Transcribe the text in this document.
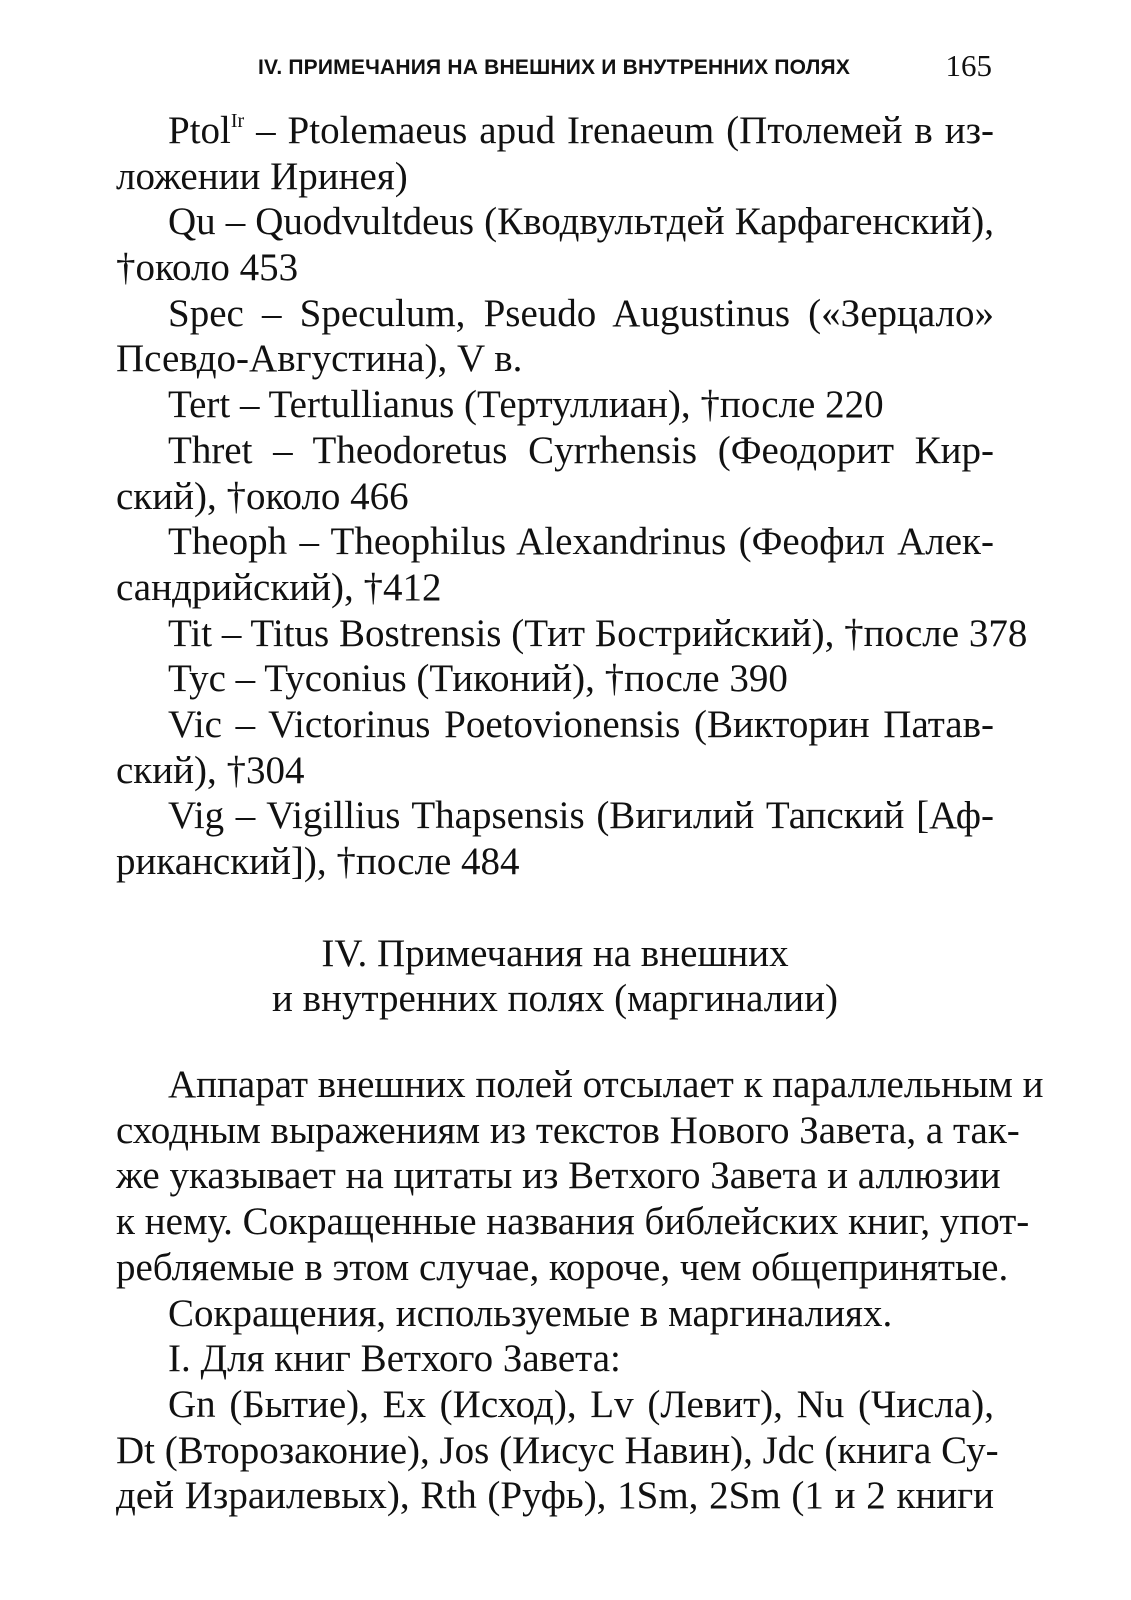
IV. ПРИМЕЧАНИЯ НА ВНЕШНИХ И ВНУТРЕННИХ ПОЛЯХ	165
Ptol$^{Ir}$ – Ptolemaeus apud Irenaeum (Птолемей в из-
ложении Иринея)
Qu – Quodvultdeus (Кводвультдей Карфагенский),
†около 453
Spec – Speculum, Pseudo Augustinus («Зерцало»
Псевдо-Августина), V в.
Tert – Tertullianus (Тертуллиан), †после 220
Thret – Theodoretus Cyrrhensis (Феодорит Кир-
ский), †около 466
Theoph – Theophilus Alexandrinus (Феофил Алек-
сандрийский), †412
Tit – Titus Bostrensis (Тит Бострийский), †после 378
Tyc – Tyconius (Тиконий), †после 390
Vic – Victorinus Poetovionensis (Викторин Патав-
ский), †304
Vig – Vigillius Thapsensis (Вигилий Тапский [Аф-
риканский]), †после 484
IV. Примечания на внешних
и внутренних полях (маргиналии)
Аппарат внешних полей отсылает к параллельным и
сходным выражениям из текстов Нового Завета, а так-
же указывает на цитаты из Ветхого Завета и аллюзии
к нему. Сокращенные названия библейских книг, упот-
ребляемые в этом случае, короче, чем общепринятые.
Сокращения, используемые в маргиналиях.
I. Для книг Ветхого Завета:
Gn (Бытие), Ex (Исход), Lv (Левит), Nu (Числа),
Dt (Второзаконие), Jos (Иисус Навин), Jdc (книга Су-
дей Израилевых), Rth (Руфь), 1Sm, 2Sm (1 и 2 книги
